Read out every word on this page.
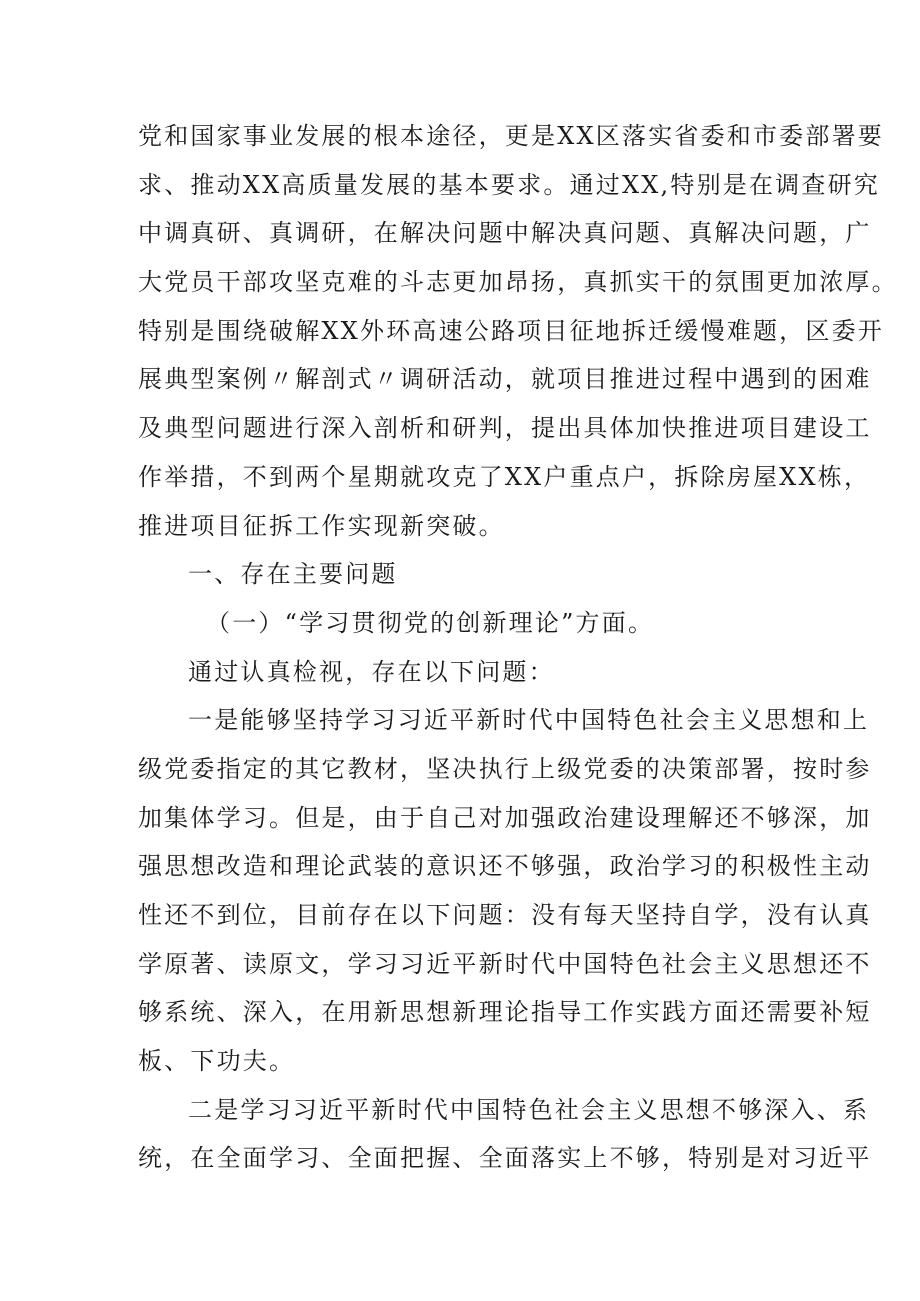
党和国家事业发展的根本途径，更是XX区落实省委和市委部署要
求、推动XX高质量发展的基本要求。通过XX,特别是在调查研究
中调真研、真调研，在解决问题中解决真问题、真解决问题，广
大党员干部攻坚克难的斗志更加昂扬，真抓实干的氛围更加浓厚。
特别是围绕破解XX外环高速公路项目征地拆迁缓慢难题，区委开
展典型案例〃解剖式〃调研活动，就项目推进过程中遇到的困难
及典型问题进行深入剖析和研判，提出具体加快推进项目建设工
作举措，不到两个星期就攻克了XX户重点户，拆除房屋XX栋，
推进项目征拆工作实现新突破。
一、存在主要问题
（一）“学习贯彻党的创新理论”方面。
通过认真检视，存在以下问题：
一是能够坚持学习习近平新时代中国特色社会主义思想和上
级党委指定的其它教材，坚决执行上级党委的决策部署，按时参
加集体学习。但是，由于自己对加强政治建设理解还不够深，加
强思想改造和理论武装的意识还不够强，政治学习的积极性主动
性还不到位，目前存在以下问题：没有每天坚持自学，没有认真
学原著、读原文，学习习近平新时代中国特色社会主义思想还不
够系统、深入，在用新思想新理论指导工作实践方面还需要补短
板、下功夫。
二是学习习近平新时代中国特色社会主义思想不够深入、系
统，在全面学习、全面把握、全面落实上不够，特别是对习近平
